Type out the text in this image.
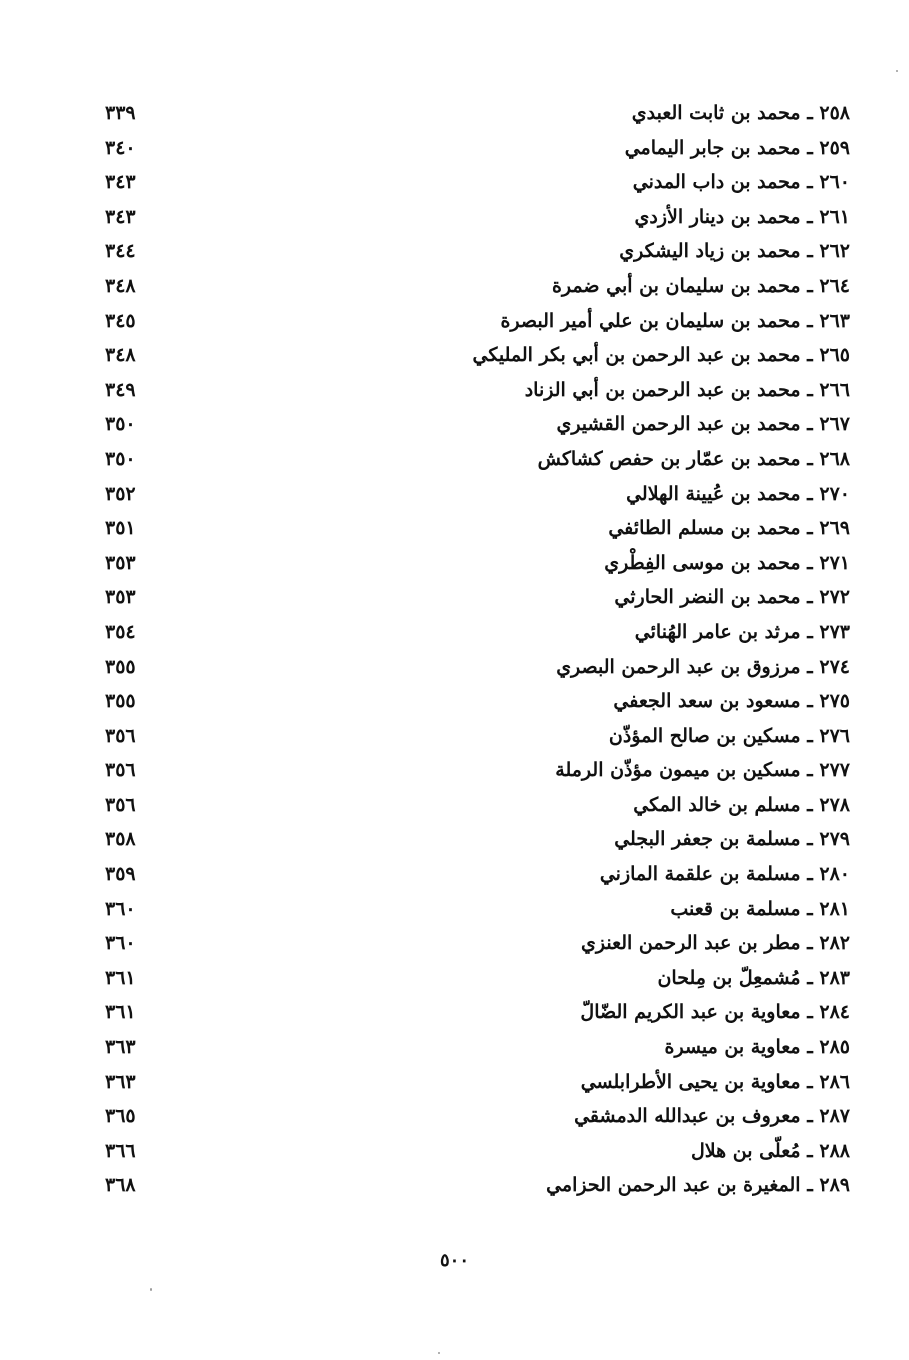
٢٥٨ ـ محمد بن ثابت العبدي
٣٣٩
٢٥٩ ـ محمد بن جابر اليمامي
٣٤٠
٢٦٠ ـ محمد بن داب المدني
٣٤٣
٢٦١ ـ محمد بن دينار الأزدي
٣٤٣
٢٦٢ ـ محمد بن زياد اليشكري
٣٤٤
٢٦٤ ـ محمد بن سليمان بن أبي ضمرة
٣٤٨
٢٦٣ ـ محمد بن سليمان بن علي أمير البصرة
٣٤٥
٢٦٥ ـ محمد بن عبد الرحمن بن أبي بكر المليكي
٣٤٨
٢٦٦ ـ محمد بن عبد الرحمن بن أبي الزناد
٣٤٩
٢٦٧ ـ محمد بن عبد الرحمن القشيري
٣٥٠
٢٦٨ ـ محمد بن عمّار بن حفص كشاكش
٣٥٠
٢٧٠ ـ محمد بن عُيينة الهلالي
٣٥٢
٢٦٩ ـ محمد بن مسلم الطائفي
٣٥١
٢٧١ ـ محمد بن موسى الفِطْري
٣٥٣
٢٧٢ ـ محمد بن النضر الحارثي
٣٥٣
٢٧٣ ـ مرثد بن عامر الهُنائي
٣٥٤
٢٧٤ ـ مرزوق بن عبد الرحمن البصري
٣٥٥
٢٧٥ ـ مسعود بن سعد الجعفي
٣٥٥
٢٧٦ ـ مسكين بن صالح المؤذّن
٣٥٦
٢٧٧ ـ مسكين بن ميمون مؤذّن الرملة
٣٥٦
٢٧٨ ـ مسلم بن خالد المكي
٣٥٦
٢٧٩ ـ مسلمة بن جعفر البجلي
٣٥٨
٢٨٠ ـ مسلمة بن علقمة المازني
٣٥٩
٢٨١ ـ مسلمة بن قعنب
٣٦٠
٢٨٢ ـ مطر بن عبد الرحمن العنزي
٣٦٠
٢٨٣ ـ مُشمعِلّ بن مِلحان
٣٦١
٢٨٤ ـ معاوية بن عبد الكريم الضّالّ
٣٦١
٢٨٥ ـ معاوية بن ميسرة
٣٦٣
٢٨٦ ـ معاوية بن يحيى الأطرابلسي
٣٦٣
٢٨٧ ـ معروف بن عبدالله الدمشقي
٣٦٥
٢٨٨ ـ مُعلّى بن هلال
٣٦٦
٢٨٩ ـ المغيرة بن عبد الرحمن الحزامي
٣٦٨
٥٠٠
